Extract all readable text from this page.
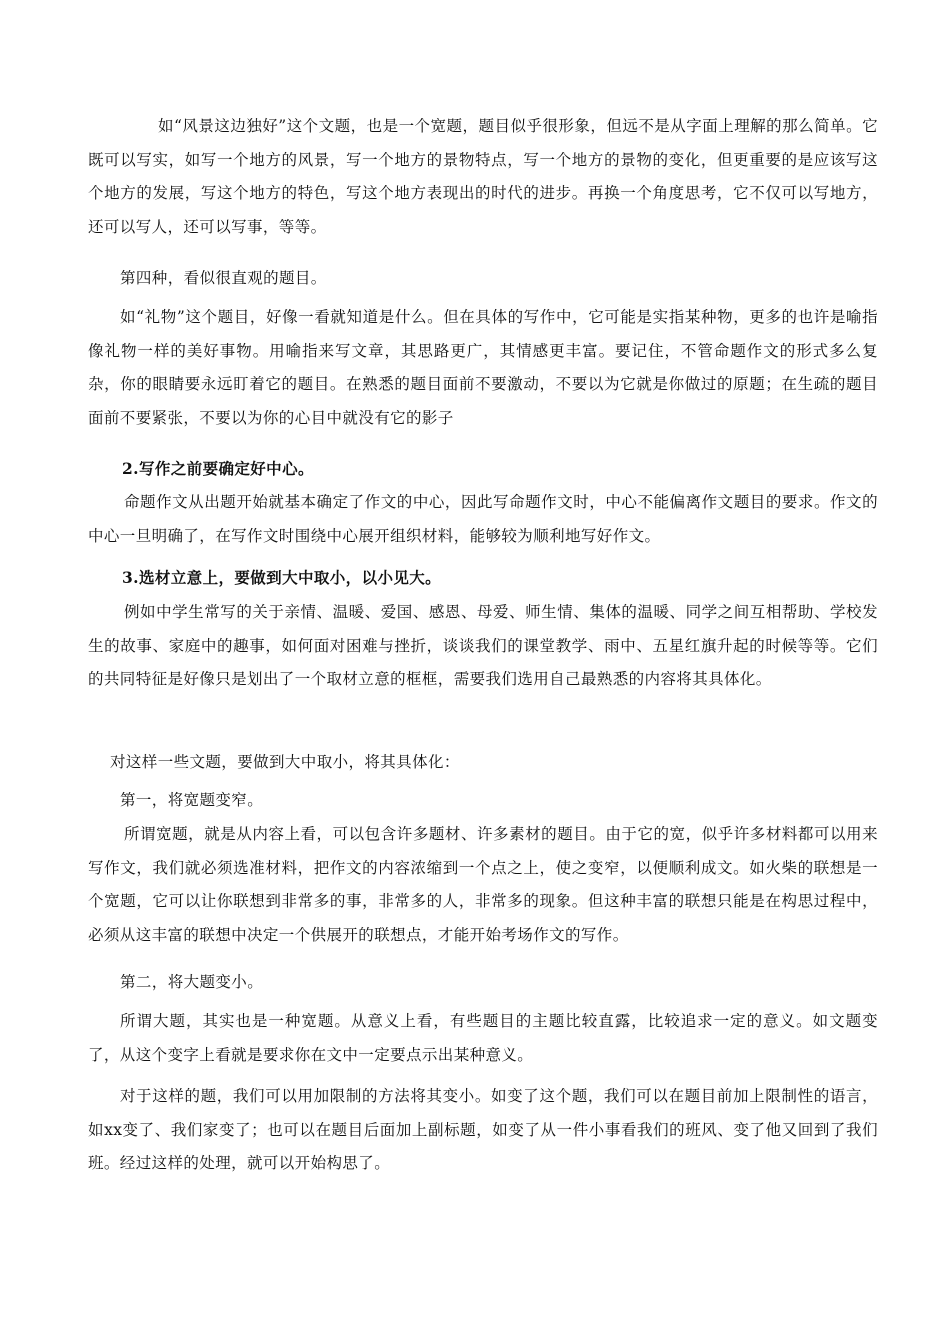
如“风景这边独好”这个文题，也是一个宽题，题目似乎很形象，但远不是从字面上理解的那么简单。它既可以写实，如写一个地方的风景，写一个地方的景物特点，写一个地方的景物的变化，但更重要的是应该写这个地方的发展，写这个地方的特色，写这个地方表现出的时代的进步。再换一个角度思考，它不仅可以写地方，还可以写人，还可以写事，等等。

第四种，看似很直观的题目。

如“礼物”这个题目，好像一看就知道是什么。但在具体的写作中，它可能是实指某种物，更多的也许是喻指像礼物一样的美好事物。用喻指来写文章，其思路更广，其情感更丰富。要记住，不管命题作文的形式多么复杂，你的眼睛要永远盯着它的题目。在熟悉的题目面前不要激动，不要以为它就是你做过的原题；在生疏的题目面前不要紧张，不要以为你的心目中就没有它的影子

2.写作之前要确定好中心。

命题作文从出题开始就基本确定了作文的中心，因此写命题作文时，中心不能偏离作文题目的要求。作文的中心一旦明确了，在写作文时围绕中心展开组织材料，能够较为顺利地写好作文。

3.选材立意上，要做到大中取小，以小见大。

例如中学生常写的关于亲情、温暖、爱国、感恩、母爱、师生情、集体的温暖、同学之间互相帮助、学校发生的故事、家庭中的趣事，如何面对困难与挫折，谈谈我们的课堂教学、雨中、五星红旗升起的时候等等。它们的共同特征是好像只是划出了一个取材立意的框框，需要我们选用自己最熟悉的内容将其具体化。

对这样一些文题，要做到大中取小，将其具体化：

第一，将宽题变窄。

所谓宽题，就是从内容上看，可以包含许多题材、许多素材的题目。由于它的宽，似乎许多材料都可以用来写作文，我们就必须选准材料，把作文的内容浓缩到一个点之上，使之变窄，以便顺利成文。如火柴的联想是一个宽题，它可以让你联想到非常多的事，非常多的人，非常多的现象。但这种丰富的联想只能是在构思过程中，必须从这丰富的联想中决定一个供展开的联想点，才能开始考场作文的写作。

第二，将大题变小。

所谓大题，其实也是一种宽题。从意义上看，有些题目的主题比较直露，比较追求一定的意义。如文题变了，从这个变字上看就是要求你在文中一定要点示出某种意义。

对于这样的题，我们可以用加限制的方法将其变小。如变了这个题，我们可以在题目前加上限制性的语言，如xx变了、我们家变了；也可以在题目后面加上副标题，如变了从一件小事看我们的班风、变了他又回到了我们班。经过这样的处理，就可以开始构思了。
